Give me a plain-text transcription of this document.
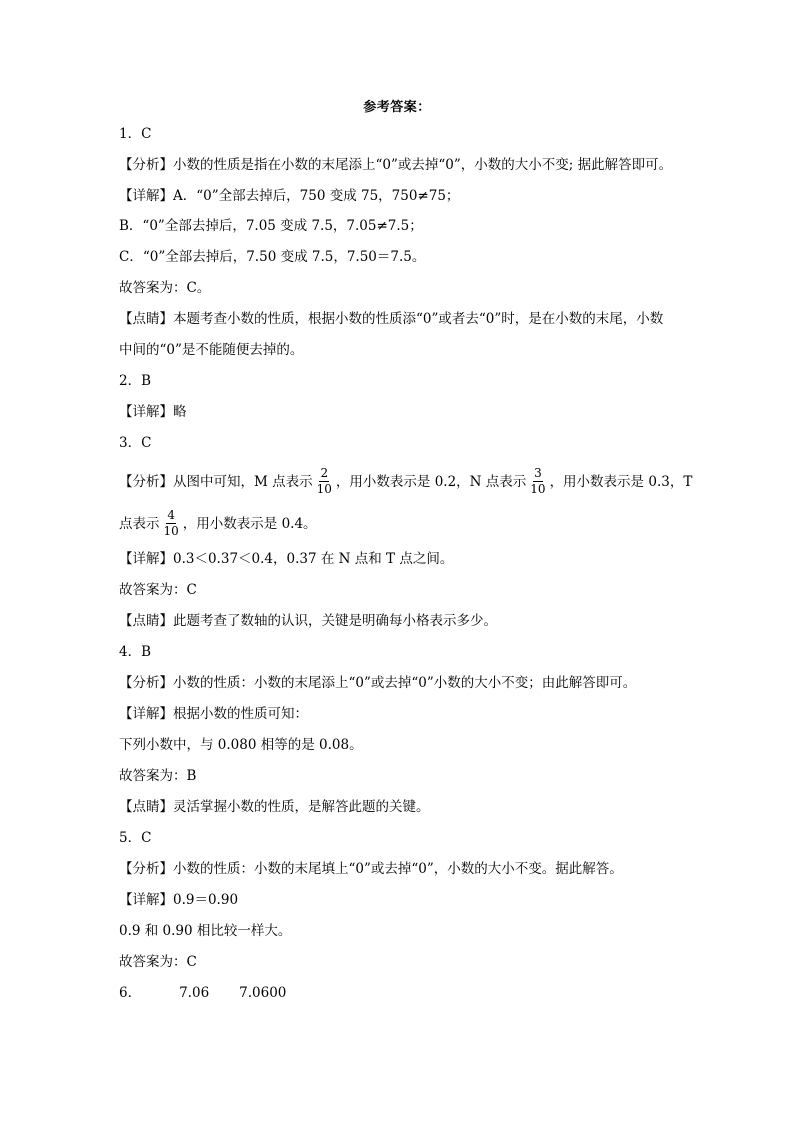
参考答案：
1．C
【分析】小数的性质是指在小数的末尾添上“0”或去掉“0”，小数的大小不变; 据此解答即可。
【详解】A．“0”全部去掉后，750 变成 75，750≠75；
B．“0”全部去掉后，7.05 变成 7.5，7.05≠7.5；
C．“0”全部去掉后，7.50 变成 7.5，7.50＝7.5。
故答案为：C。
【点睛】本题考查小数的性质，根据小数的性质添“0”或者去“0”时，是在小数的末尾，小数
中间的“0”是不能随便去掉的。
2．B
【详解】略
3．C
【分析】从图中可知，M 点表示 $\frac{2}{10}$ ，用小数表示是 0.2，N 点表示 $\frac{3}{10}$ ，用小数表示是 0.3，T
点表示 $\frac{4}{10}$ ，用小数表示是 0.4。
【详解】0.3＜0.37＜0.4，0.37 在 N 点和 T 点之间。
故答案为：C
【点睛】此题考查了数轴的认识，关键是明确每小格表示多少。
4．B
【分析】小数的性质：小数的末尾添上“0”或去掉“0”小数的大小不变；由此解答即可。
【详解】根据小数的性质可知：
下列小数中，与 0.080 相等的是 0.08。
故答案为：B
【点睛】灵活掌握小数的性质，是解答此题的关键。
5．C
【分析】小数的性质：小数的末尾填上“0”或去掉“0”，小数的大小不变。据此解答。
【详解】0.9＝0.90
0.9 和 0.90 相比较一样大。
故答案为：C
6．	7.06 7.0600
